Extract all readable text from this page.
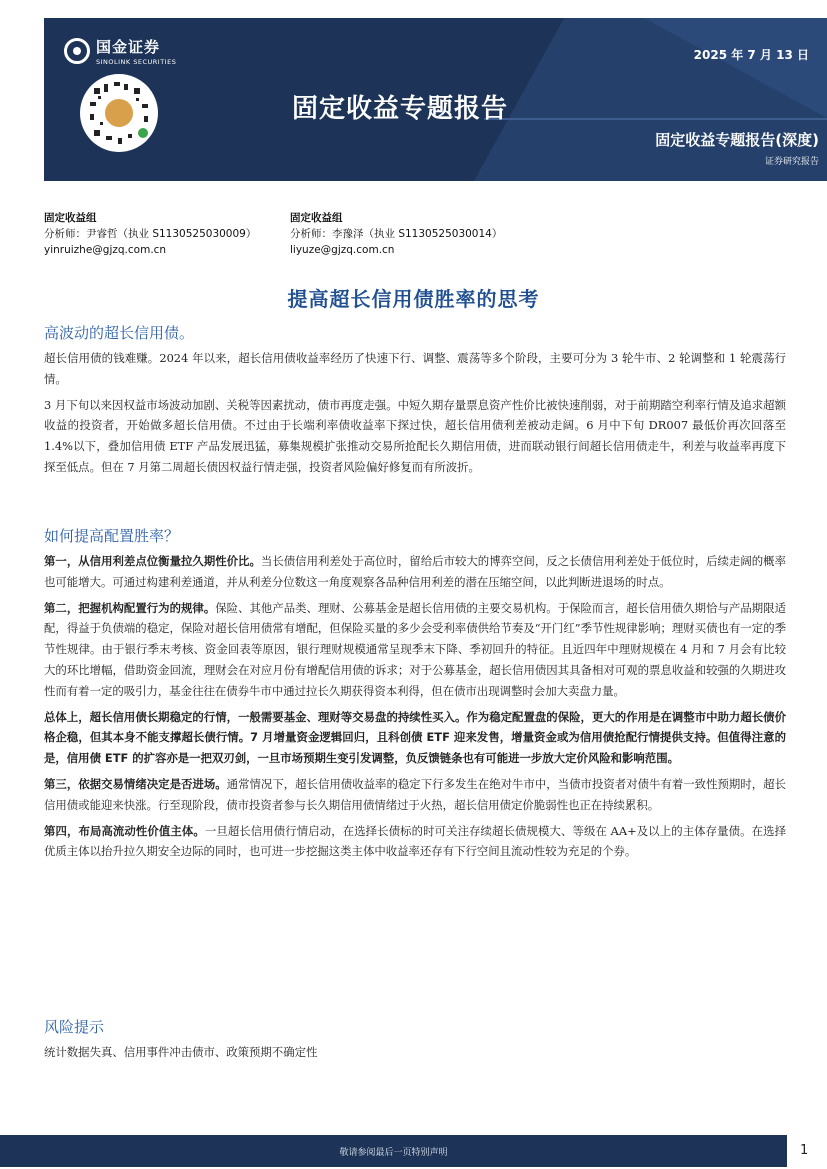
国金证券
SINOLINK SECURITIES
固定收益专题报告
2025 年 7 月 13 日
固定收益专题报告(深度)
证券研究报告
固定收益组
分析师：尹睿哲（执业 S1130525030009）
yinruizhe@gjzq.com.cn
固定收益组
分析师：李豫泽（执业 S1130525030014）
liyuze@gjzq.com.cn
提高超长信用债胜率的思考
高波动的超长信用债。

超长信用债的钱难赚。2024 年以来，超长信用债收益率经历了快速下行、调整、震荡等多个阶段，主要可分为 3 轮牛市、2 轮调整和 1 轮震荡行情。

3 月下旬以来因权益市场波动加剧、关税等因素扰动，债市再度走强。中短久期存量票息资产性价比被快速削弱，对于前期踏空利率行情及追求超额收益的投资者，开始做多超长信用债。不过由于长端利率债收益率下探过快，超长信用债利差被动走阔。6 月中下旬 DR007 最低价再次回落至 1.4%以下，叠加信用债 ETF 产品发展迅猛，募集规模扩张推动交易所抢配长久期信用债，进而联动银行间超长信用债走牛，利差与收益率再度下探至低点。但在 7 月第二周超长债因权益行情走强，投资者风险偏好修复而有所波折。

如何提高配置胜率？

第一，从信用利差点位衡量拉久期性价比。当长债信用利差处于高位时，留给后市较大的博弈空间，反之长债信用利差处于低位时，后续走阔的概率也可能增大。可通过构建利差通道，并从利差分位数这一角度观察各品种信用利差的潜在压缩空间，以此判断进退场的时点。

第二，把握机构配置行为的规律。保险、其他产品类、理财、公募基金是超长信用债的主要交易机构。于保险而言，超长信用债久期恰与产品期限适配，得益于负债端的稳定，保险对超长信用债常有增配，但保险买量的多少会受利率债供给节奏及“开门红”季节性规律影响；理财买债也有一定的季节性规律。由于银行季末考核、资金回表等原因，银行理财规模通常呈现季末下降、季初回升的特征。且近四年中理财规模在 4 月和 7 月会有比较大的环比增幅，借助资金回流，理财会在对应月份有增配信用债的诉求；对于公募基金，超长信用债因其具备相对可观的票息收益和较强的久期进攻性而有着一定的吸引力，基金往往在债券牛市中通过拉长久期获得资本利得，但在债市出现调整时会加大卖盘力量。

总体上，超长信用债长期稳定的行情，一般需要基金、理财等交易盘的持续性买入。作为稳定配置盘的保险，更大的作用是在调整市中助力超长债价格企稳，但其本身不能支撑超长债行情。7 月增量资金逻辑回归，且科创债 ETF 迎来发售，增量资金或为信用债抢配行情提供支持。但值得注意的是，信用债 ETF 的扩容亦是一把双刃剑，一旦市场预期生变引发调整，负反馈链条也有可能进一步放大定价风险和影响范围。

第三，依据交易情绪决定是否进场。通常情况下，超长信用债收益率的稳定下行多发生在绝对牛市中，当债市投资者对债牛有着一致性预期时，超长信用债或能迎来快涨。行至现阶段，债市投资者参与长久期信用债情绪过于火热，超长信用债定价脆弱性也正在持续累积。

第四，布局高流动性价值主体。一旦超长信用债行情启动，在选择长债标的时可关注存续超长债规模大、等级在 AA+及以上的主体存量债。在选择优质主体以抬升拉久期安全边际的同时，也可进一步挖掘这类主体中收益率还存有下行空间且流动性较为充足的个券。

风险提示

统计数据失真、信用事件冲击债市、政策预期不确定性

敬请参阅最后一页特别声明	1
